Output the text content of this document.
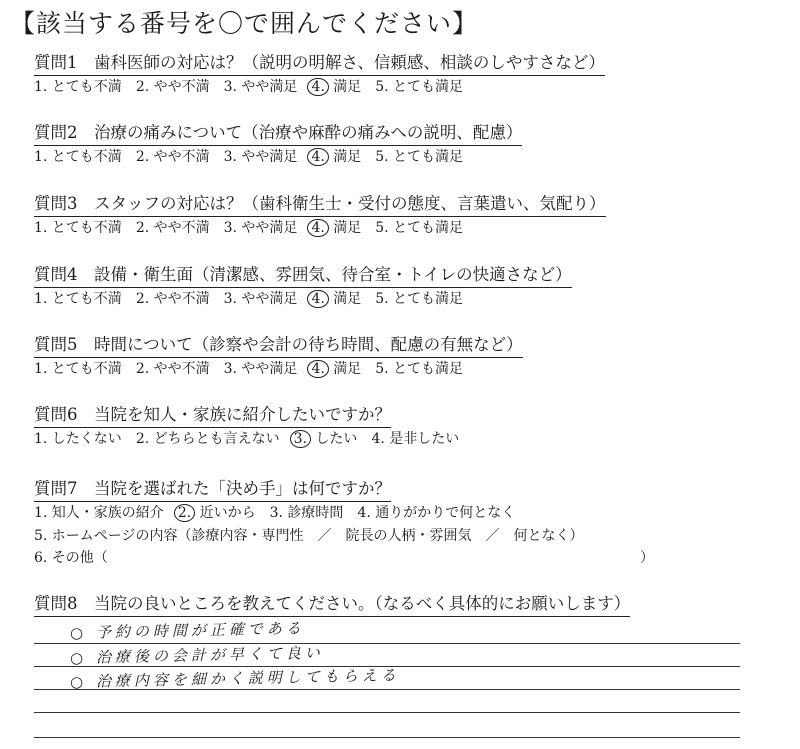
【該当する番号を〇で囲んでください】
質問1　歯科医師の対応は？（説明の明解さ、信頼感、相談のしやすさなど）
1. とても不満 2. やや不満 3. やや満足 4. 満足 5. とても満足
質問2　治療の痛みについて（治療や麻酔の痛みへの説明、配慮）
1. とても不満 2. やや不満 3. やや満足 4. 満足 5. とても満足
質問3　スタッフの対応は？（歯科衛生士・受付の態度、言葉遣い、気配り）
1. とても不満 2. やや不満 3. やや満足 4. 満足 5. とても満足
質問4　設備・衛生面（清潔感、雰囲気、待合室・トイレの快適さなど）
1. とても不満 2. やや不満 3. やや満足 4. 満足 5. とても満足
質問5　時間について（診察や会計の待ち時間、配慮の有無など）
1. とても不満 2. やや不満 3. やや満足 4. 満足 5. とても満足
質問6　当院を知人・家族に紹介したいですか？
1. したくない 2. どちらとも言えない 3. したい 4. 是非したい
質問7　当院を選ばれた「決め手」は何ですか？
1. 知人・家族の紹介 2. 近いから 3. 診療時間 4. 通りがかりで何となく
5. ホームページの内容（診療内容・専門性　／　院長の人柄・雰囲気　／　何となく）
6. その他（	）
質問8　当院の良いところを教えてください。（なるべく具体的にお願いします）
○ 予約の時間が正確である
○ 治療後の会計が早くて良い
○ 治療内容を細かく説明してもらえる
